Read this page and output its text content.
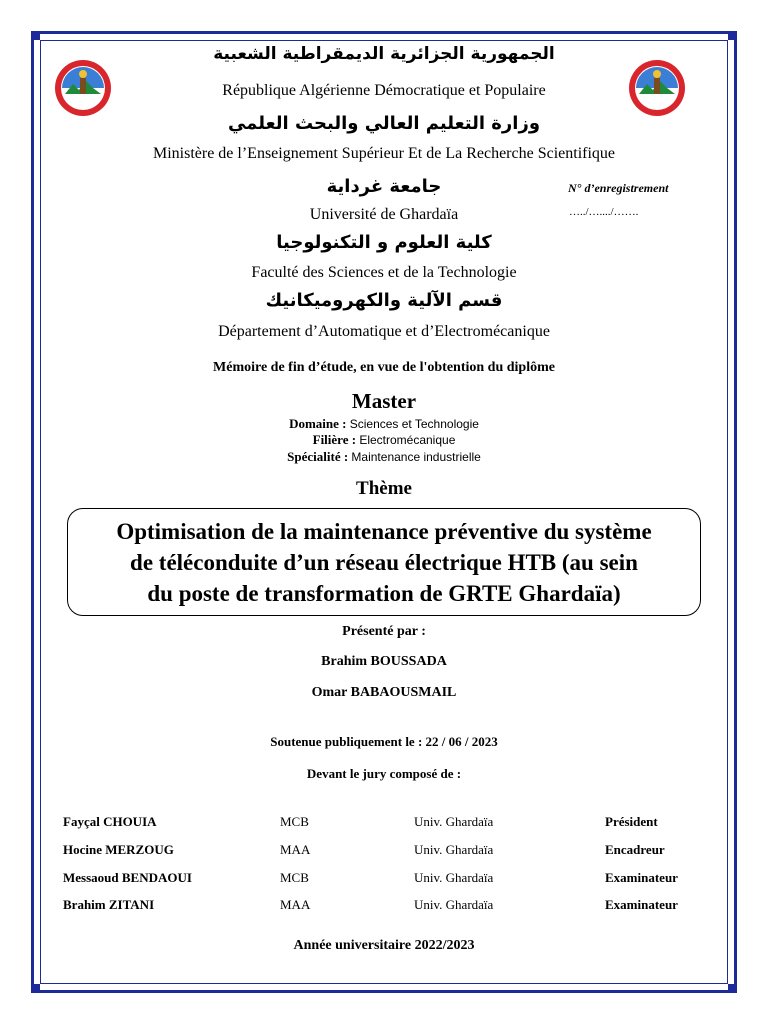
الجمهورية الجزائرية الديمقراطية الشعبية
République Algérienne Démocratique et Populaire
وزارة التعليم العالي والبحث العلمي
Ministère de l’Enseignement Supérieur Et de La Recherche Scientifique
جامعة غرداية
Université de Ghardaïa
كلية العلوم و التكنولوجيا
Faculté des Sciences et de la Technologie
قسم الآلية والكهروميكانيك
Département d’Automatique et d’Electromécanique
N° d’enregistrement
…../…..../…….
Mémoire de fin d’étude, en vue de l'obtention du diplôme
Master
Domaine : Sciences et Technologie
Filière : Electromécanique
Spécialité : Maintenance industrielle
Thème
Optimisation de la maintenance préventive du système
de téléconduite d’un réseau électrique HTB (au sein
du poste de transformation de GRTE Ghardaïa)
Présenté par :
Brahim BOUSSADA
Omar BABAOUSMAIL
Soutenue publiquement le : 22 / 06 / 2023
Devant le jury composé de :
Fayçal CHOUIA	MCB	Univ. Ghardaïa	Président
Hocine MERZOUG	MAA	Univ. Ghardaïa	Encadreur
Messaoud BENDAOUI	MCB	Univ. Ghardaïa	Examinateur
Brahim ZITANI	MAA	Univ. Ghardaïa	Examinateur
Année universitaire 2022/2023
